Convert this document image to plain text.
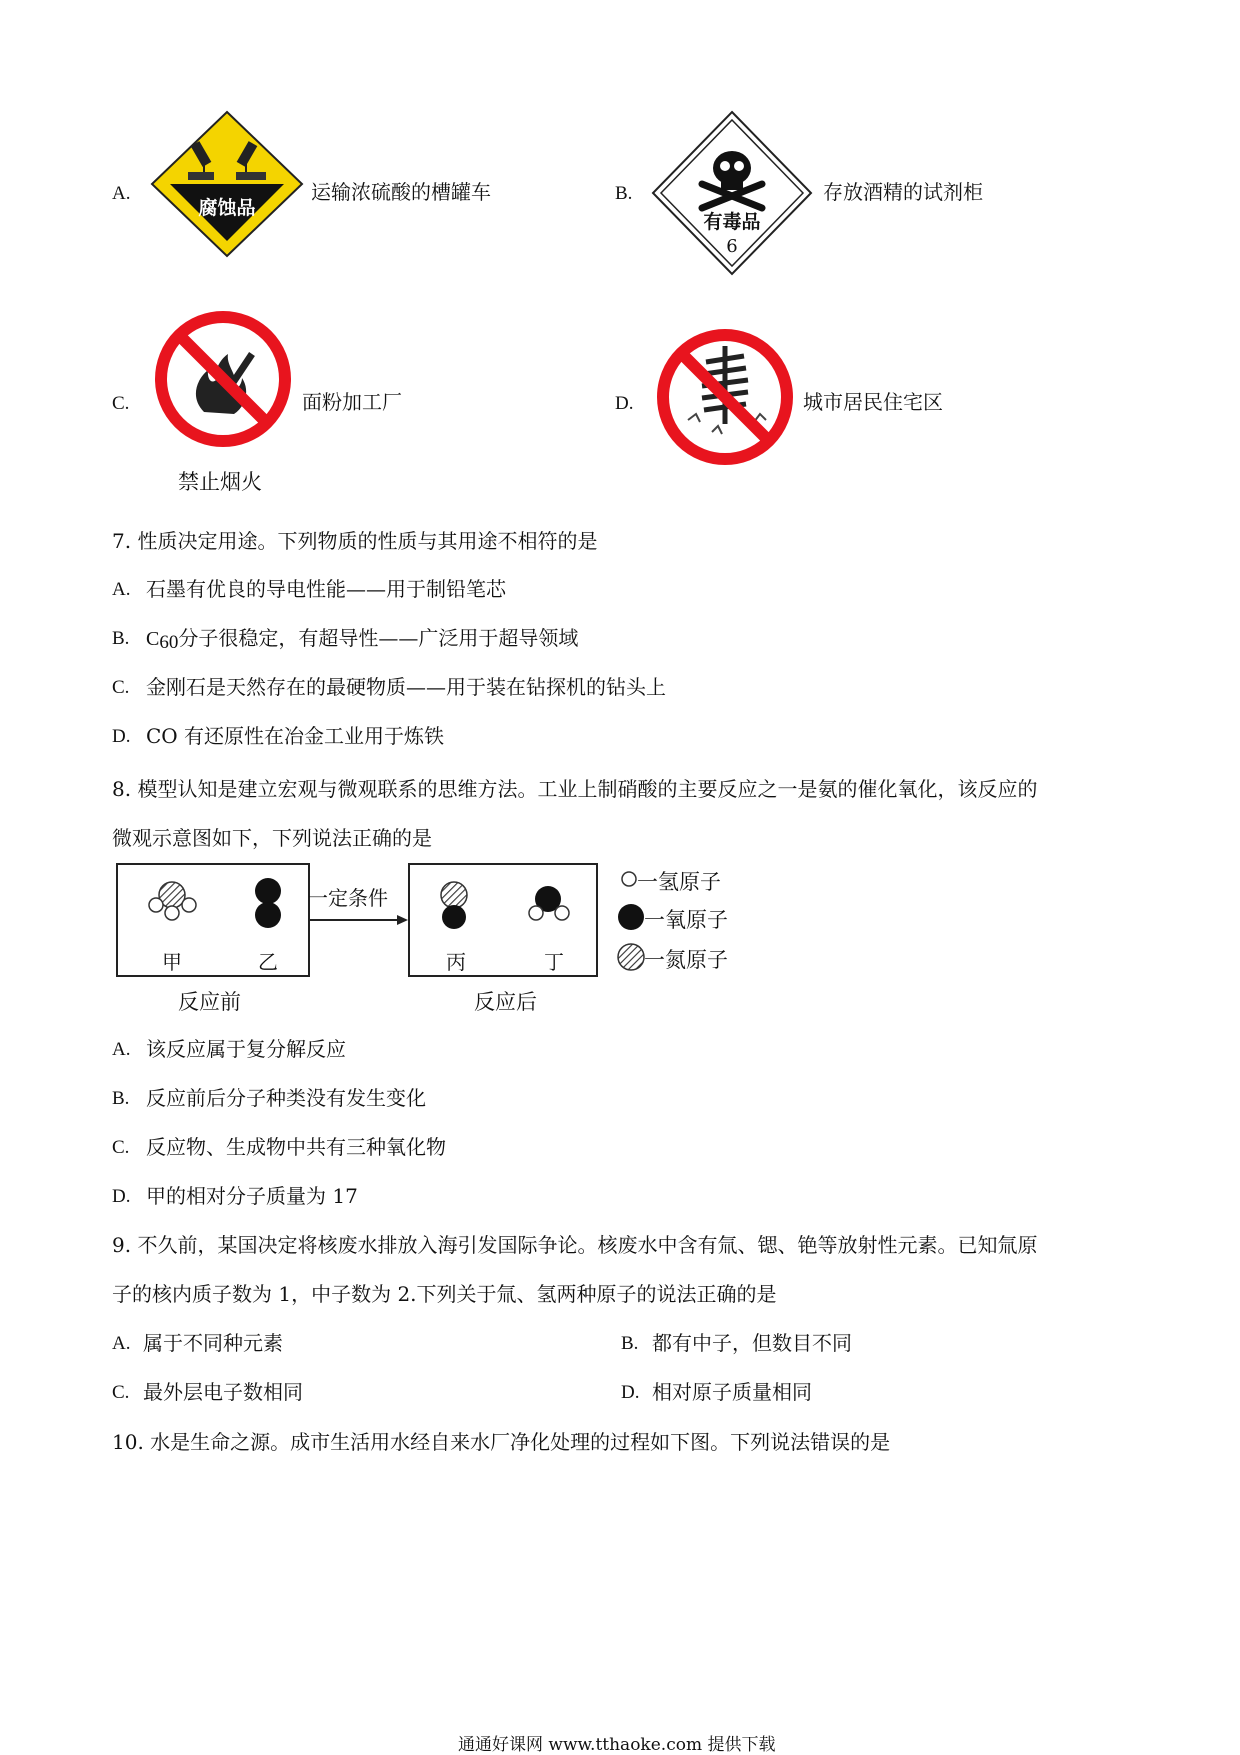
A.
腐蚀品
运输浓硫酸的槽罐车	B.
有毒品
6
存放酒精的试剂柜
C.
禁止烟火
面粉加工厂	D.	城市居民住宅区
7. 性质决定用途。下列物质的性质与其用途不相符的是
A. 石墨有优良的导电性能——用于制铅笔芯
B. $C_{60}$分子很稳定，有超导性——广泛用于超导领域
C. 金刚石是天然存在的最硬物质——用于装在钻探机的钻头上
D. CO 有还原性在冶金工业用于炼铁
8. 模型认知是建立宏观与微观联系的思维方法。工业上制硝酸的主要反应之一是氨的催化氧化，该反应的
微观示意图如下，下列说法正确的是
一定条件
甲	乙	丙	丁
反应前	反应后
一氢原子
一氧原子
一氮原子
A. 该反应属于复分解反应
B. 反应前后分子种类没有发生变化
C. 反应物、生成物中共有三种氧化物
D. 甲的相对分子质量为 17
9. 不久前，某国决定将核废水排放入海引发国际争论。核废水中含有氚、锶、铯等放射性元素。已知氚原
子的核内质子数为 1，中子数为 2.下列关于氚、氢两种原子的说法正确的是
A. 属于不同种元素	B. 都有中子，但数目不同
C. 最外层电子数相同	D. 相对原子质量相同
10. 水是生命之源。成市生活用水经自来水厂净化处理的过程如下图。下列说法错误的是
通通好课网 www.tthaoke.com 提供下载
